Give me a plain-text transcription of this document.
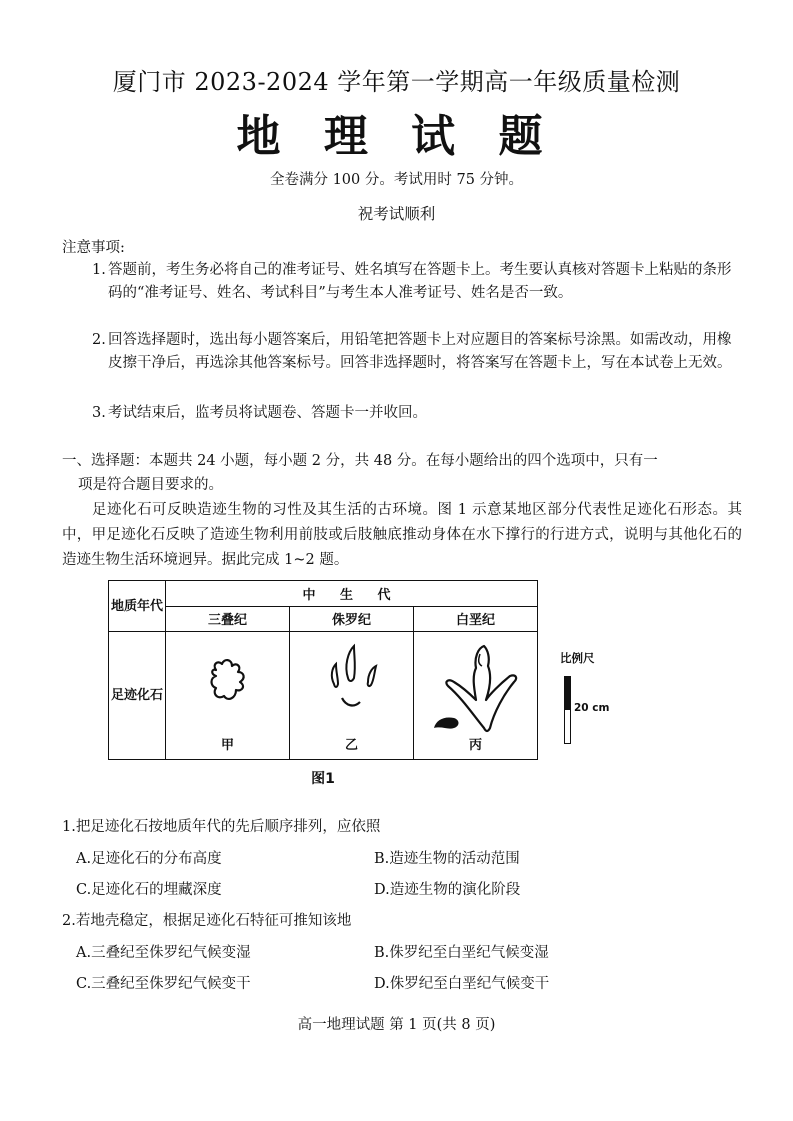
厦门市 2023-2024 学年第一学期高一年级质量检测
地 理 试 题
全卷满分 100 分。考试用时 75 分钟。
祝考试顺利
注意事项:
1. 答题前，考生务必将自己的准考证号、姓名填写在答题卡上。考生要认真核对答题卡上粘贴的条形码的“准考证号、姓名、考试科目”与考生本人准考证号、姓名是否一致。
2. 回答选择题时，选出每小题答案后，用铅笔把答题卡上对应题目的答案标号涂黑。如需改动，用橡皮擦干净后，再选涂其他答案标号。回答非选择题时，将答案写在答题卡上，写在本试卷上无效。
3. 考试结束后，监考员将试题卷、答题卡一并收回。
一、选择题：本题共 24 小题，每小题 2 分，共 48 分。在每小题给出的四个选项中，只有一
项是符合题目要求的。
足迹化石可反映造迹生物的习性及其生活的古环境。图 1 示意某地区部分代表性足迹化石形态。其中，甲足迹化石反映了造迹生物利用前肢或后肢触底推动身体在水下撑行的行进方式，说明与其他化石的造迹生物生活环境迥异。据此完成 1~2 题。
地质年代	中 生 代		
	三叠纪	侏罗纪	白垩纪
足迹化石	甲	乙	丙
比例尺
20 cm
图1
1.把足迹化石按地质年代的先后顺序排列，应依照
A.足迹化石的分布高度	B.造迹生物的活动范围
C.足迹化石的埋藏深度	D.造迹生物的演化阶段
2.若地壳稳定，根据足迹化石特征可推知该地
A.三叠纪至侏罗纪气候变湿	B.侏罗纪至白垩纪气候变湿
C.三叠纪至侏罗纪气候变干	D.侏罗纪至白垩纪气候变干
高一地理试题 第 1 页(共 8 页)
